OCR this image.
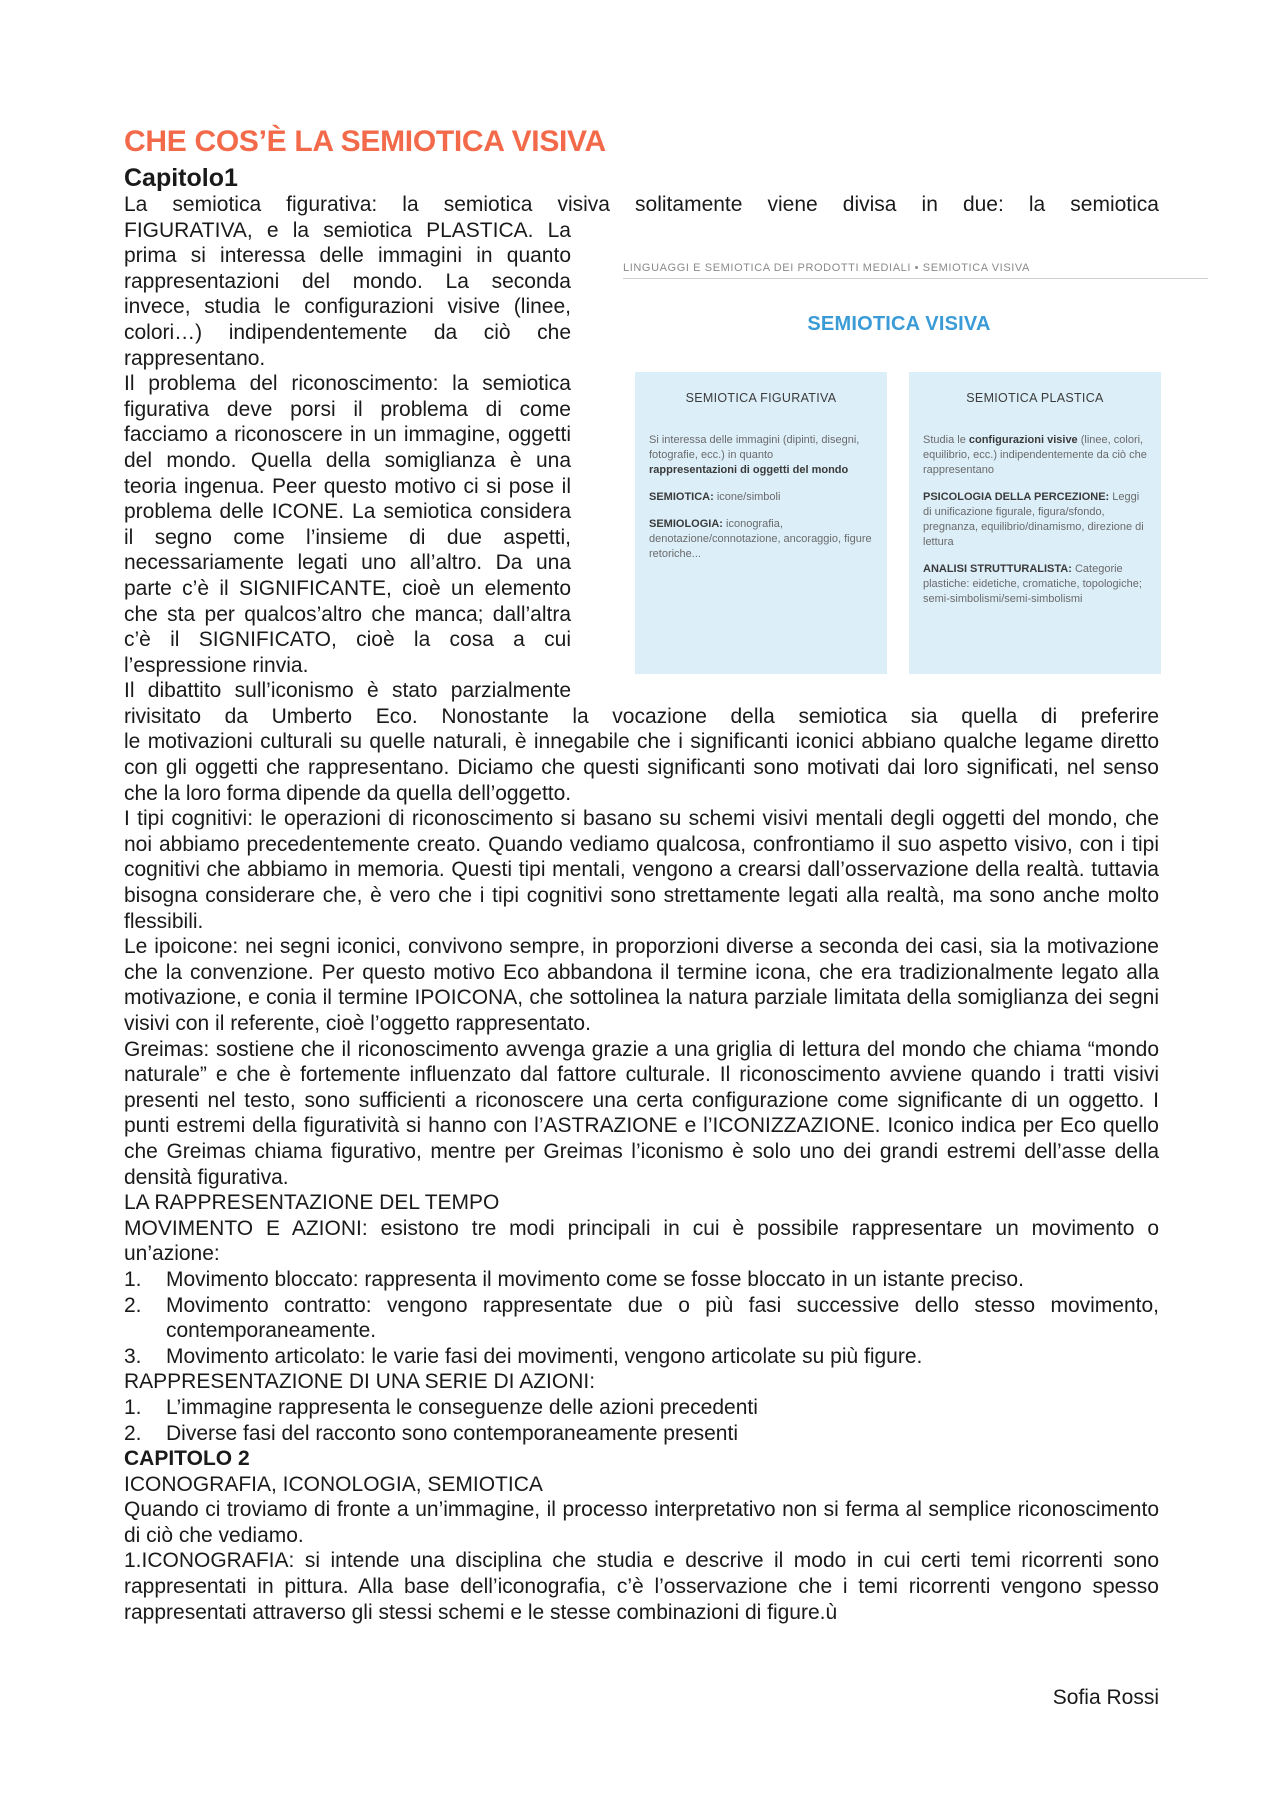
CHE COS’È LA SEMIOTICA VISIVA
Capitolo1

La semiotica figurativa: la semiotica visiva solitamente viene divisa in due: la semiotica

LINGUAGGI E SEMIOTICA DEI PRODOTTI MEDIALI • SEMIOTICA VISIVA
SEMIOTICA VISIVA
SEMIOTICA FIGURATIVA
Si interessa delle immagini (dipinti, disegni, fotografie, ecc.) in quanto
rappresentazioni di oggetti del mondo
SEMIOTICA: icone/simboli
SEMIOLOGIA: iconografia, denotazione/connotazione, ancoraggio, figure retoriche...
SEMIOTICA PLASTICA
Studia le configurazioni visive (linee, colori, equilibrio, ecc.) indipendentemente da ciò che rappresentano
PSICOLOGIA DELLA PERCEZIONE: Leggi di unificazione figurale, figura/sfondo, pregnanza, equilibrio/dinamismo, direzione di lettura
ANALISI STRUTTURALISTA: Categorie plastiche: eidetiche, cromatiche, topologiche; semi-simbolismi/semi-simbolismi

FIGURATIVA, e la semiotica PLASTICA. La prima si interessa delle immagini in quanto rappresentazioni del mondo. La seconda invece, studia le configurazioni visive (linee, colori…) indipendentemente da ciò che rappresentano.

Il problema del riconoscimento: la semiotica figurativa deve porsi il problema di come facciamo a riconoscere in un immagine, oggetti del mondo. Quella della somiglianza è una teoria ingenua. Peer questo motivo ci si pose il problema delle ICONE. La semiotica considera il segno come l’insieme di due aspetti, necessariamente legati uno all’altro. Da una parte c’è il SIGNIFICANTE, cioè un elemento che sta per qualcos’altro che manca; dall’altra c’è il SIGNIFICATO, cioè la cosa a cui l’espressione rinvia.

Il dibattito sull’iconismo è stato parzialmente rivisitato da Umberto Eco. Nonostante la vocazione della semiotica sia quella di preferire

le motivazioni culturali su quelle naturali, è innegabile che i significanti iconici abbiano qualche legame diretto con gli oggetti che rappresentano. Diciamo che questi significanti sono motivati dai loro significati, nel senso che la loro forma dipende da quella dell’oggetto.

I tipi cognitivi: le operazioni di riconoscimento si basano su schemi visivi mentali degli oggetti del mondo, che noi abbiamo precedentemente creato. Quando vediamo qualcosa, confrontiamo il suo aspetto visivo, con i tipi cognitivi che abbiamo in memoria. Questi tipi mentali, vengono a crearsi dall’osservazione della realtà. tuttavia bisogna considerare che, è vero che i tipi cognitivi sono strettamente legati alla realtà, ma sono anche molto flessibili.

Le ipoicone: nei segni iconici, convivono sempre, in proporzioni diverse a seconda dei casi, sia la motivazione che la convenzione. Per questo motivo Eco abbandona il termine icona, che era tradizionalmente legato alla motivazione, e conia il termine IPOICONA, che sottolinea la natura parziale limitata della somiglianza dei segni visivi con il referente, cioè l’oggetto rappresentato.

Greimas: sostiene che il riconoscimento avvenga grazie a una griglia di lettura del mondo che chiama “mondo naturale” e che è fortemente influenzato dal fattore culturale. Il riconoscimento avviene quando i tratti visivi presenti nel testo, sono sufficienti a riconoscere una certa configurazione come significante di un oggetto. I punti estremi della figuratività si hanno con l’ASTRAZIONE e l’ICONIZZAZIONE. Iconico indica per Eco quello che Greimas chiama figurativo, mentre per Greimas l’iconismo è solo uno dei grandi estremi dell’asse della densità figurativa.

LA RAPPRESENTAZIONE DEL TEMPO

MOVIMENTO E AZIONI: esistono tre modi principali in cui è possibile rappresentare un movimento o un’azione:

1. Movimento bloccato: rappresenta il movimento come se fosse bloccato in un istante preciso.
2. Movimento contratto: vengono rappresentate due o più fasi successive dello stesso movimento, contemporaneamente.
3. Movimento articolato: le varie fasi dei movimenti, vengono articolate su più figure.

RAPPRESENTAZIONE DI UNA SERIE DI AZIONI:

1. L’immagine rappresenta le conseguenze delle azioni precedenti
2. Diverse fasi del racconto sono contemporaneamente presenti

CAPITOLO 2

ICONOGRAFIA, ICONOLOGIA, SEMIOTICA

Quando ci troviamo di fronte a un’immagine, il processo interpretativo non si ferma al semplice riconoscimento di ciò che vediamo.

1.ICONOGRAFIA: si intende una disciplina che studia e descrive il modo in cui certi temi ricorrenti sono rappresentati in pittura. Alla base dell’iconografia, c’è l’osservazione che i temi ricorrenti vengono spesso rappresentati attraverso gli stessi schemi e le stesse combinazioni di figure.ù

Sofia Rossi
